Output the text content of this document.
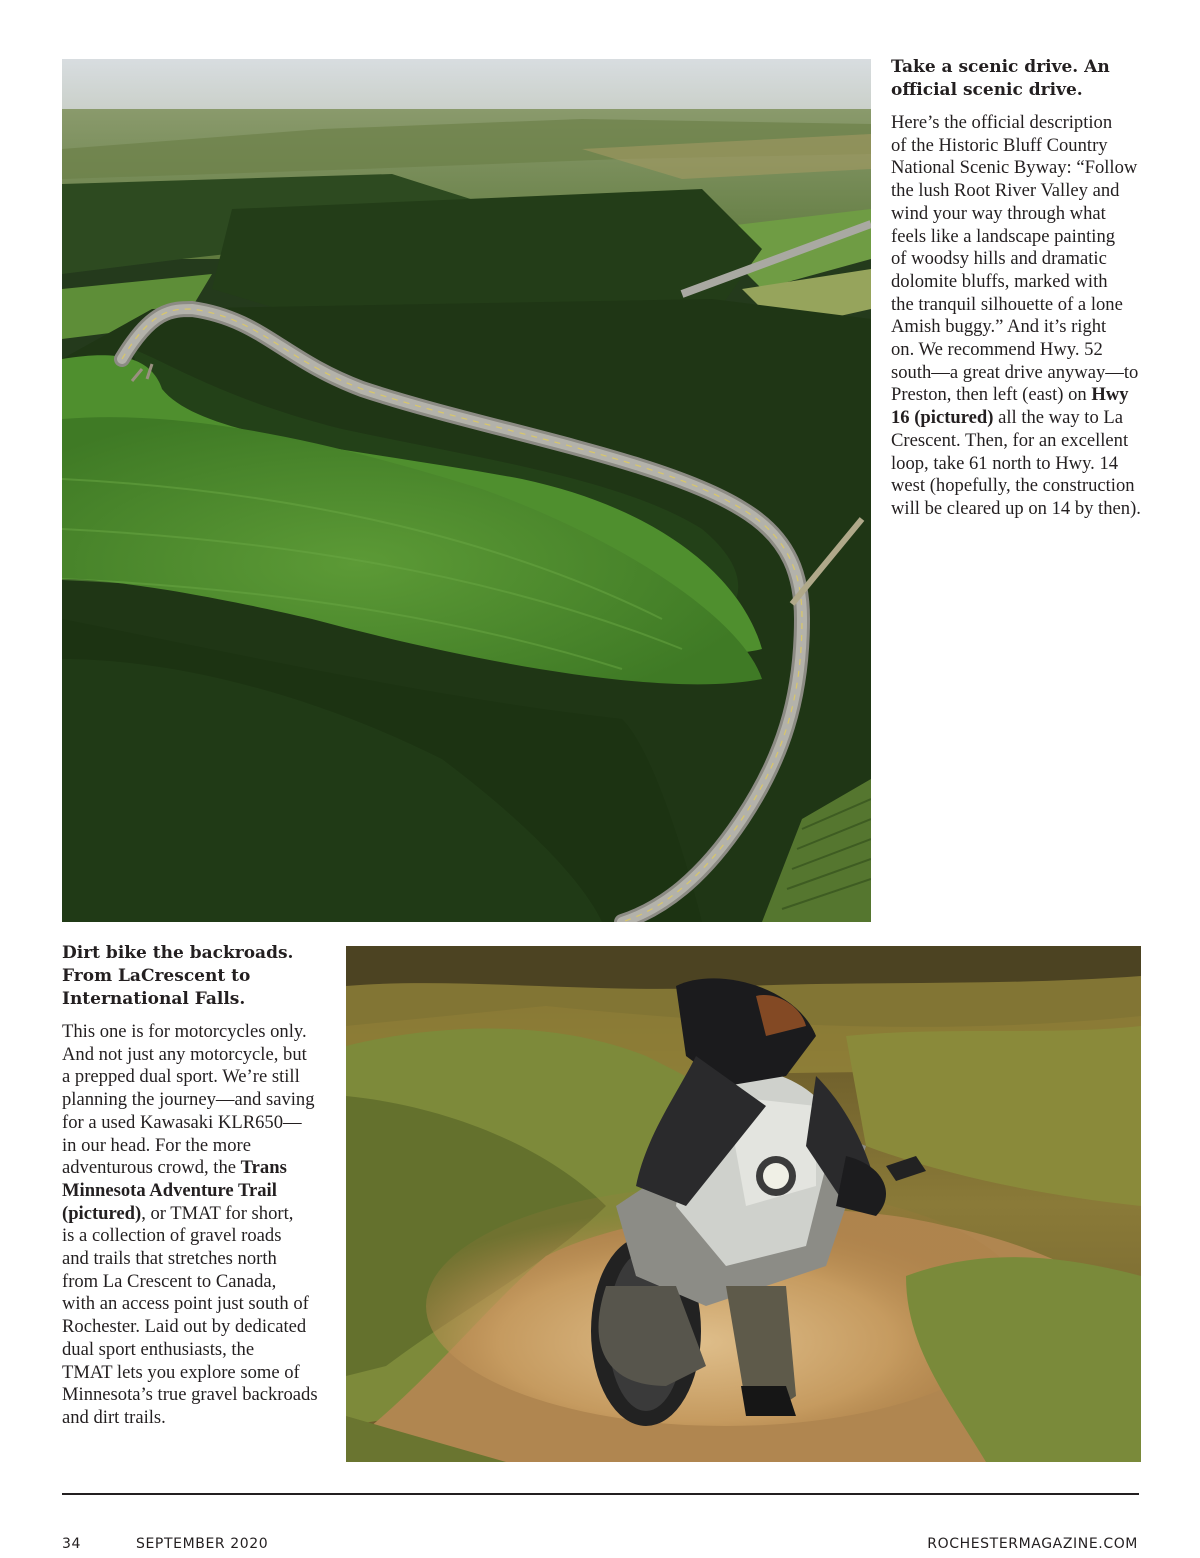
Take a scenic drive. An
official scenic drive.

Here’s the official description
of the Historic Bluff Country
National Scenic Byway: “Follow
the lush Root River Valley and
wind your way through what
feels like a landscape painting
of woodsy hills and dramatic
dolomite bluffs, marked with
the tranquil silhouette of a lone
Amish buggy.” And it’s right
on. We recommend Hwy. 52
south—a great drive anyway—to
Preston, then left (east) on Hwy
16 (pictured) all the way to La
Crescent. Then, for an excellent
loop, take 61 north to Hwy. 14
west (hopefully, the construction
will be cleared up on 14 by then).

Dirt bike the backroads.
From LaCrescent to
International Falls.

This one is for motorcycles only.
And not just any motorcycle, but
a prepped dual sport. We’re still
planning the journey—and saving
for a used Kawasaki KLR650—
in our head. For the more
adventurous crowd, the Trans
Minnesota Adventure Trail
(pictured), or TMAT for short,
is a collection of gravel roads
and trails that stretches north
from La Crescent to Canada,
with an access point just south of
Rochester. Laid out by dedicated
dual sport enthusiasts, the
TMAT lets you explore some of
Minnesota’s true gravel backroads
and dirt trails.

34	SEPTEMBER 2020	ROCHESTERMAGAZINE.COM
